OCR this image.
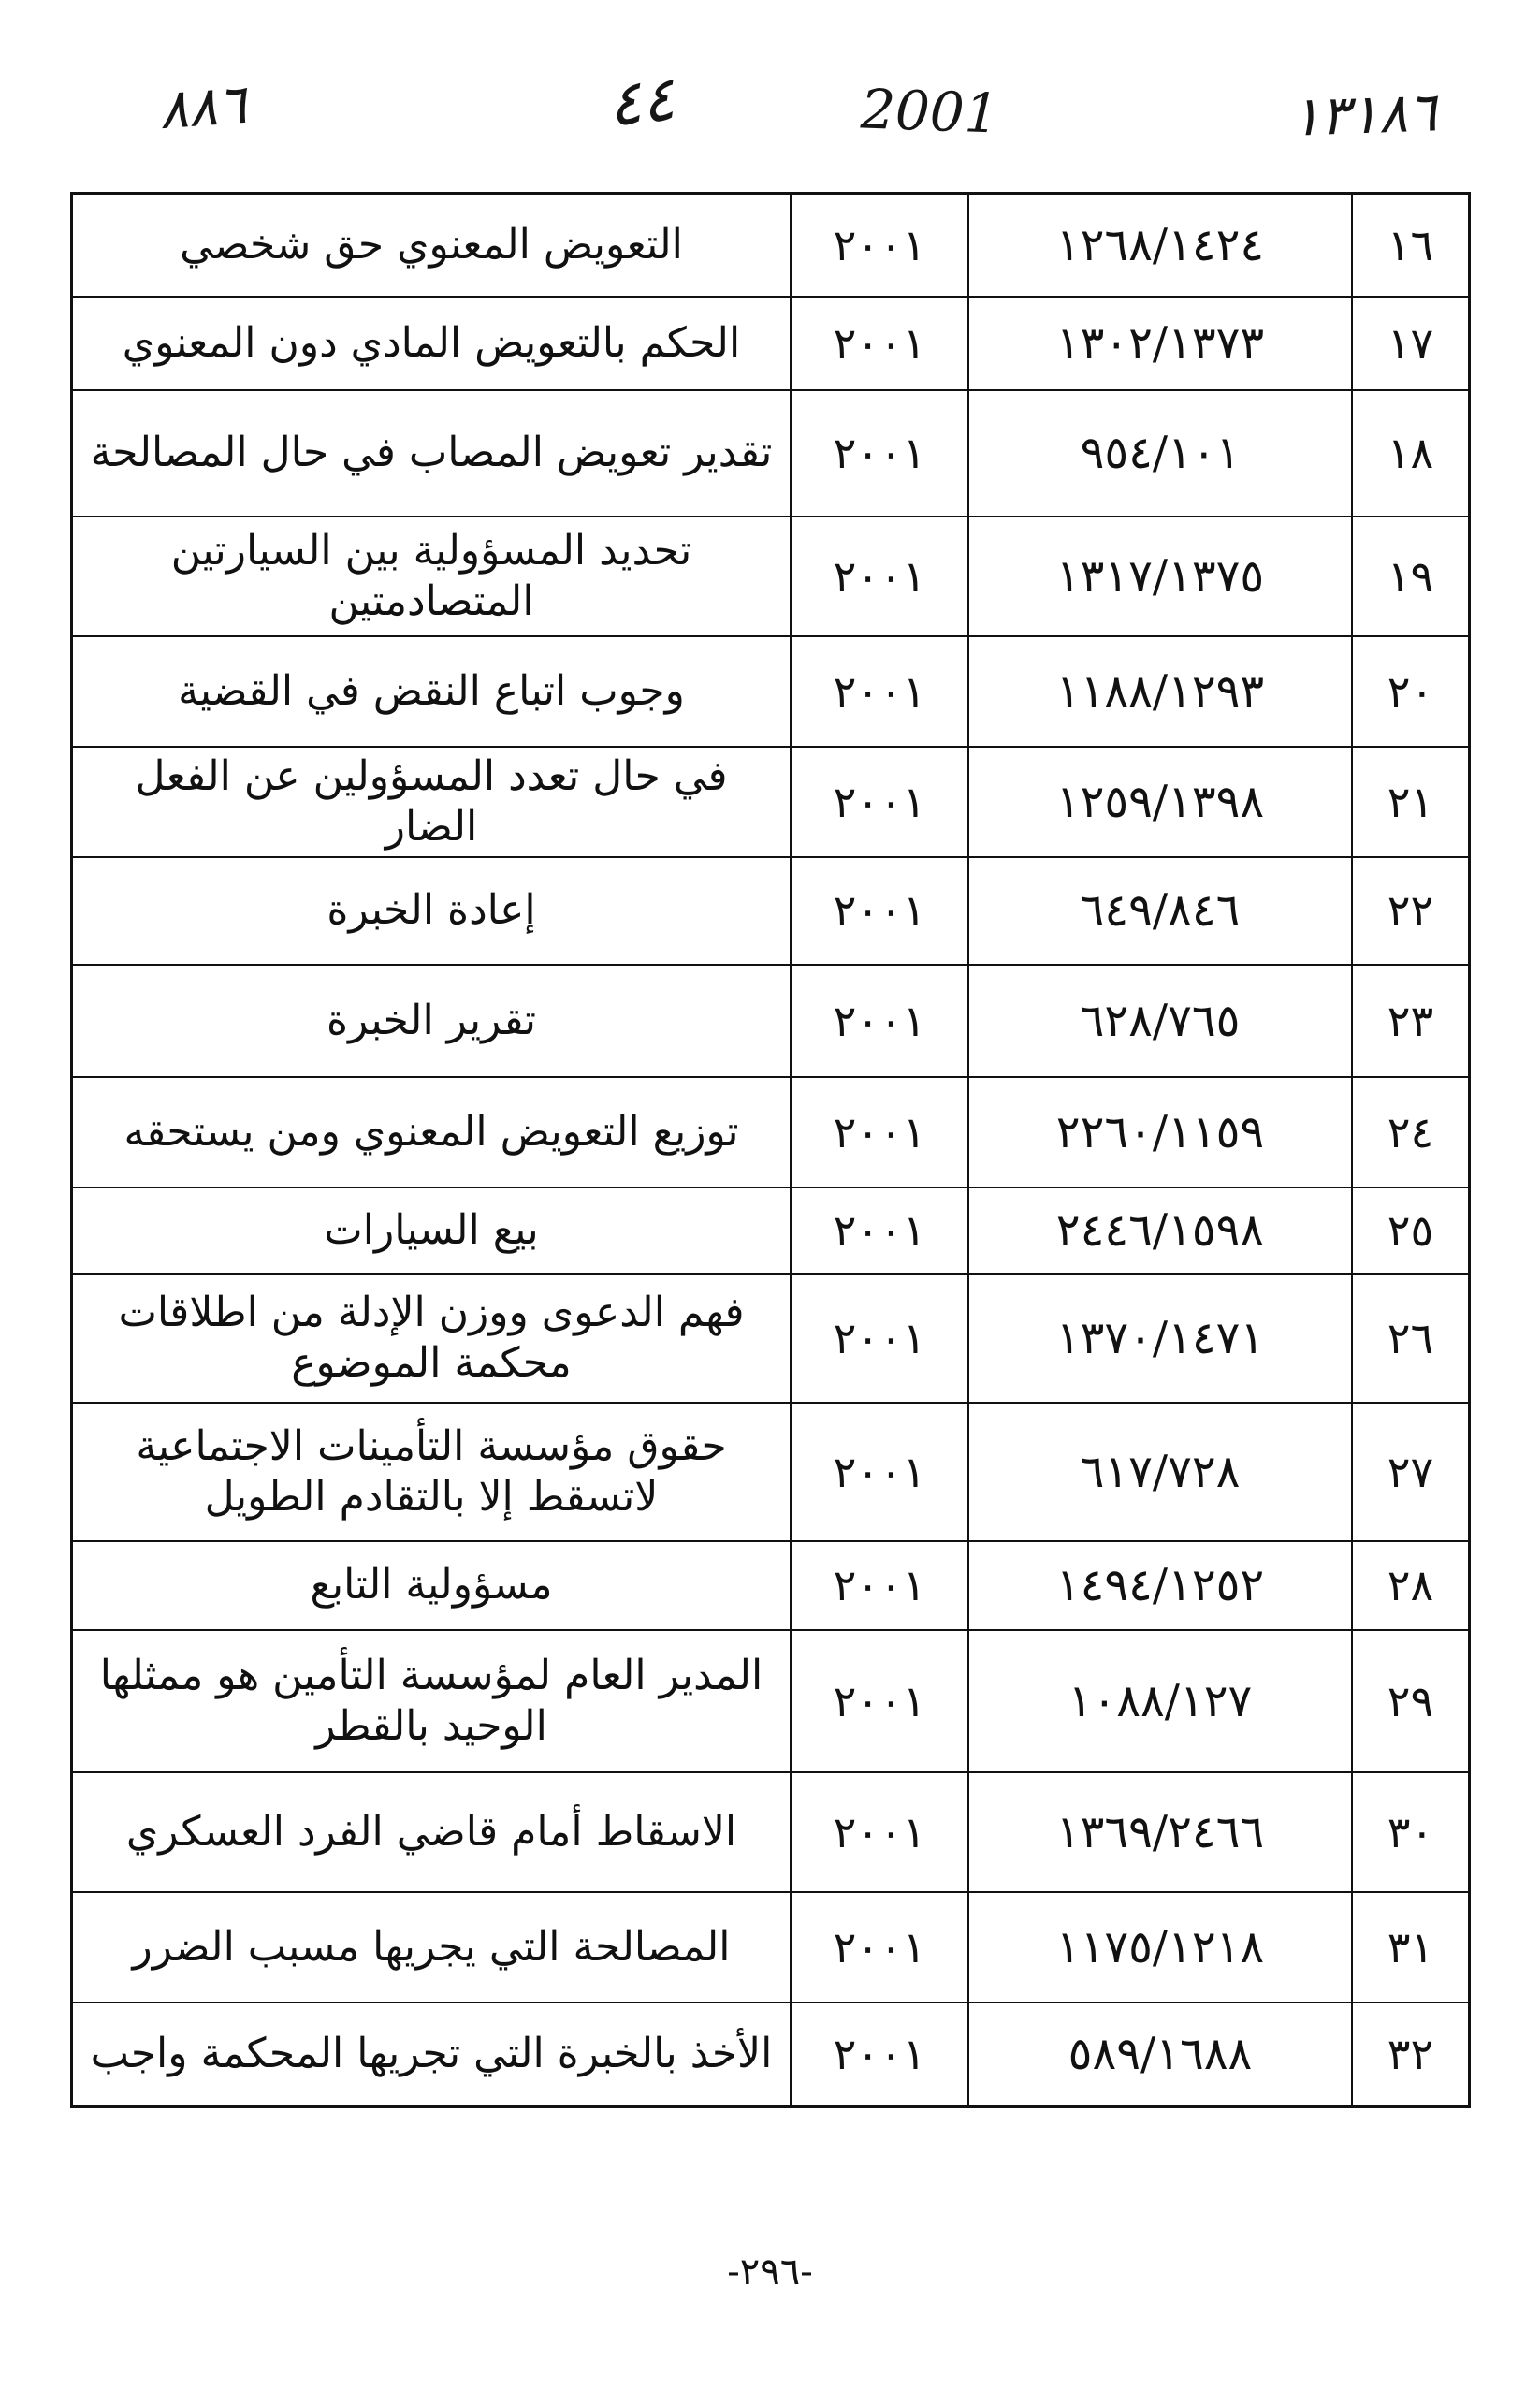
٨٨٦	٤٤	2001	١٣١٨٦
التعويض المعنوي حق شخصي	٢٠٠١	١٢٦٨/١٤٢٤	١٦

الحكم بالتعويض المادي دون المعنوي	٢٠٠١	١٣٠٢/١٣٧٣	١٧

تقدير تعويض المصاب في حال المصالحة	٢٠٠١	٩٥٤/١٠١	١٨

تحديد المسؤولية بين السيارتين المتصادمتين	٢٠٠١	١٣١٧/١٣٧٥	١٩

وجوب اتباع النقض في القضية	٢٠٠١	١١٨٨/١٢٩٣	٢٠

في حال تعدد المسؤولين عن الفعل الضار	٢٠٠١	١٢٥٩/١٣٩٨	٢١

إعادة الخبرة	٢٠٠١	٦٤٩/٨٤٦	٢٢

تقرير الخبرة	٢٠٠١	٦٢٨/٧٦٥	٢٣

توزيع التعويض المعنوي ومن يستحقه	٢٠٠١	٢٢٦٠/١١٥٩	٢٤

بيع السيارات	٢٠٠١	٢٤٤٦/١٥٩٨	٢٥

فهم الدعوى ووزن الإدلة من اطلاقات محكمة الموضوع	٢٠٠١	١٣٧٠/١٤٧١	٢٦

حقوق مؤسسة التأمينات الاجتماعية لاتسقط إلا بالتقادم الطويل	٢٠٠١	٦١٧/٧٢٨	٢٧

مسؤولية التابع	٢٠٠١	١٤٩٤/١٢٥٢	٢٨

المدير العام لمؤسسة التأمين هو ممثلها الوحيد بالقطر	٢٠٠١	١٠٨٨/١٢٧	٢٩

الاسقاط أمام قاضي الفرد العسكري	٢٠٠١	١٣٦٩/٢٤٦٦	٣٠

المصالحة التي يجريها مسبب الضرر	٢٠٠١	١١٧٥/١٢١٨	٣١

الأخذ بالخبرة التي تجريها المحكمة واجب	٢٠٠١	٥٨٩/١٦٨٨	٣٢
-٢٩٦-
